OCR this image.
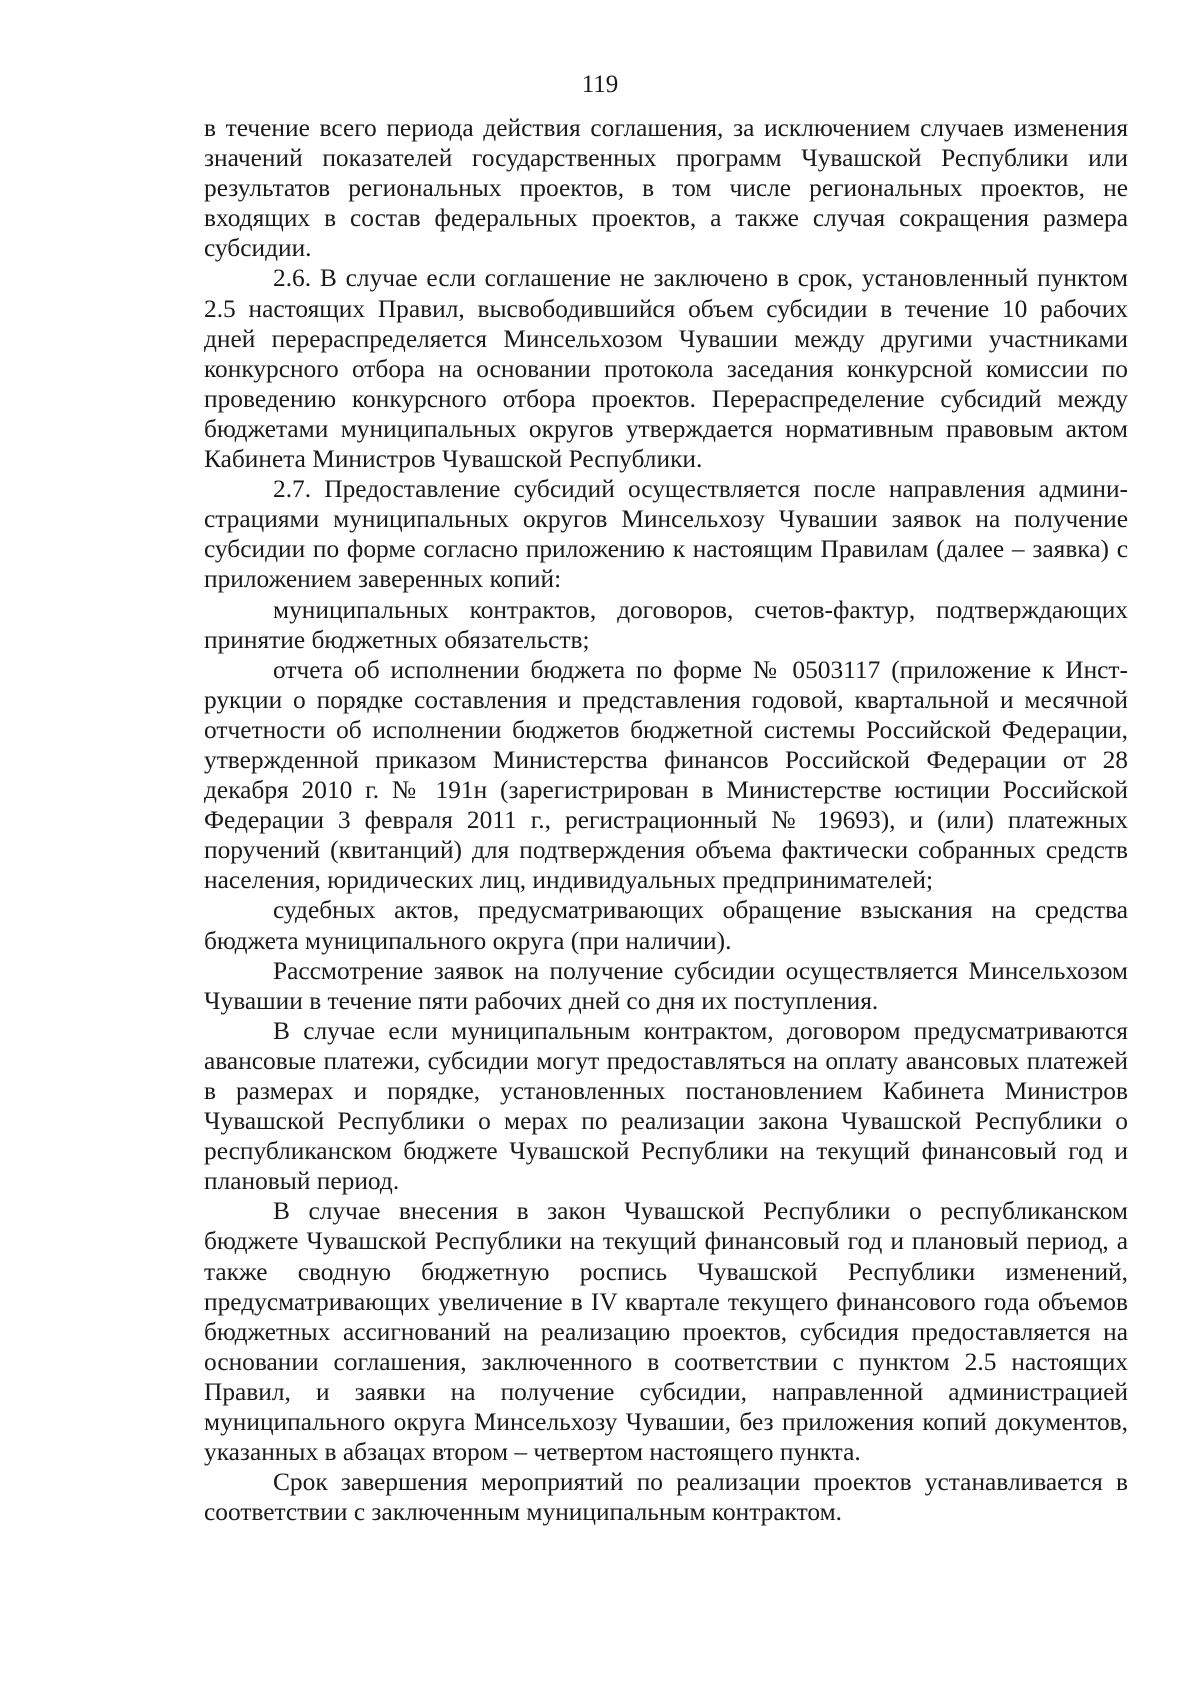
119

в течение всего периода действия соглашения, за исключением случаев изменения значений показателей государственных программ Чувашской Республики или результатов региональных проектов, в том числе региональных проектов, не входящих в состав федеральных проектов, а также случая сокращения размера субсидии.

2.6. В случае если соглашение не заключено в срок, установленный пунктом 2.5 настоящих Правил, высвободившийся объем субсидии в течение 10 рабочих дней перераспределяется Минсельхозом Чувашии между другими участниками конкурсного отбора на основании протокола заседания конкурсной комиссии по проведению конкурсного отбора проектов. Перераспределение субсидий между бюджетами муниципальных округов утверждается нормативным правовым актом Кабинета Министров Чувашской Республики.

2.7. Предоставление субсидий осуществляется после направления администрациями муниципальных округов Минсельхозу Чувашии заявок на получение субсидии по форме согласно приложению к настоящим Правилам (далее – заявка) с приложением заверенных копий:

муниципальных контрактов, договоров, счетов-фактур, подтверждающих принятие бюджетных обязательств;

отчета об исполнении бюджета по форме № 0503117 (приложение к Инструкции о порядке составления и представления годовой, квартальной и месячной отчетности об исполнении бюджетов бюджетной системы Российской Федерации, утвержденной приказом Министерства финансов Российской Федерации от 28 декабря 2010 г. № 191н (зарегистрирован в Министерстве юстиции Российской Федерации 3 февраля 2011 г., регистрационный № 19693), и (или) платежных поручений (квитанций) для подтверждения объема фактически собранных средств населения, юридических лиц, индивидуальных предпринимателей;

судебных актов, предусматривающих обращение взыскания на средства бюджета муниципального округа (при наличии).

Рассмотрение заявок на получение субсидии осуществляется Минсельхозом Чувашии в течение пяти рабочих дней со дня их поступления.

В случае если муниципальным контрактом, договором предусматриваются авансовые платежи, субсидии могут предоставляться на оплату авансовых платежей в размерах и порядке, установленных постановлением Кабинета Министров Чувашской Республики о мерах по реализации закона Чувашской Республики о республиканском бюджете Чувашской Республики на текущий финансовый год и плановый период.

В случае внесения в закон Чувашской Республики о республиканском бюджете Чувашской Республики на текущий финансовый год и плановый период, а также сводную бюджетную роспись Чувашской Республики изменений, предусматривающих увеличение в IV квартале текущего финансового года объемов бюджетных ассигнований на реализацию проектов, субсидия предоставляется на основании соглашения, заключенного в соответствии с пунктом 2.5 настоящих Правил, и заявки на получение субсидии, направленной администрацией муниципального округа Минсельхозу Чувашии, без приложения копий документов, указанных в абзацах втором – четвертом настоящего пункта.

Срок завершения мероприятий по реализации проектов устанавливается в соответствии с заключенным муниципальным контрактом.
